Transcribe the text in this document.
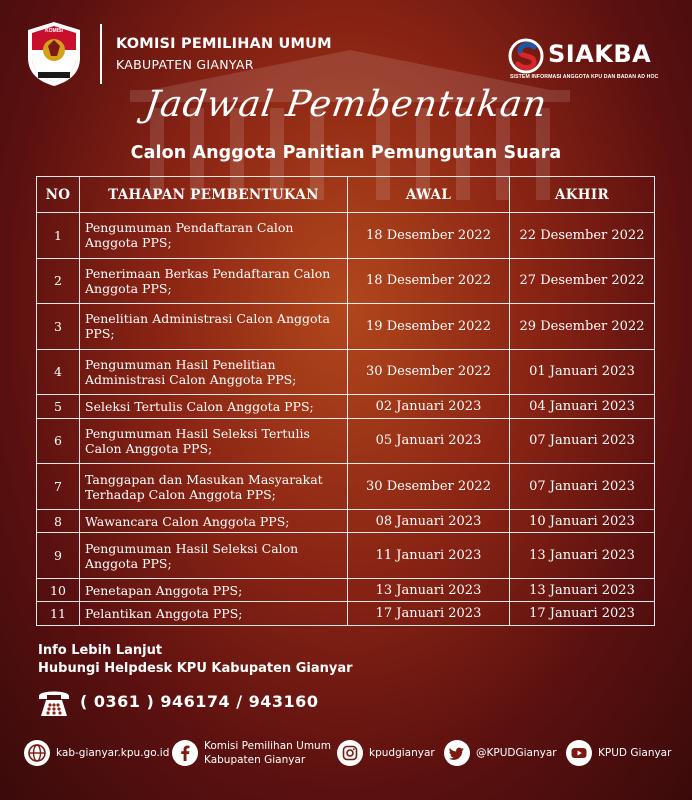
KOMISI
KOMISI PEMILIHAN UMUM
KABUPATEN GIANYAR	SIAKBA
SISTEM INFORMASI ANGGOTA KPU DAN BADAN AD HOC
Jadwal Pembentukan
Calon Anggota Panitian Pemungutan Suara
NO	TAHAPAN PEMBENTUKAN	AWAL	AKHIR
1	Pengumuman Pendaftaran Calon Anggota PPS;	18 Desember 2022	22 Desember 2022
2	Penerimaan Berkas Pendaftaran Calon Anggota PPS;	18 Desember 2022	27 Desember 2022
3	Penelitian Administrasi Calon Anggota PPS;	19 Desember 2022	29 Desember 2022
4	Pengumuman Hasil Penelitian Administrasi Calon Anggota PPS;	30 Desember 2022	01 Januari 2023
5	Seleksi Tertulis Calon Anggota PPS;	02 Januari 2023	04 Januari 2023
6	Pengumuman Hasil Seleksi Tertulis Calon Anggota PPS;	05 Januari 2023	07 Januari 2023
7	Tanggapan dan Masukan Masyarakat Terhadap Calon Anggota PPS;	30 Desember 2022	07 Januari 2023
8	Wawancara Calon Anggota PPS;	08 Januari 2023	10 Januari 2023
9	Pengumuman Hasil Seleksi Calon Anggota PPS;	11 Januari 2023	13 Januari 2023
10	Penetapan Anggota PPS;	13 Januari 2023	13 Januari 2023
11	Pelantikan Anggota PPS;	17 Januari 2023	17 Januari 2023
Info Lebih Lanjut
Hubungi Helpdesk KPU Kabupaten Gianyar
( 0361 ) 946174 / 943160
kab-gianyar.kpu.go.id
Komisi Pemilihan Umum
Kabupaten Gianyar
kpudgianyar	@KPUDGianyar	KPUD Gianyar
